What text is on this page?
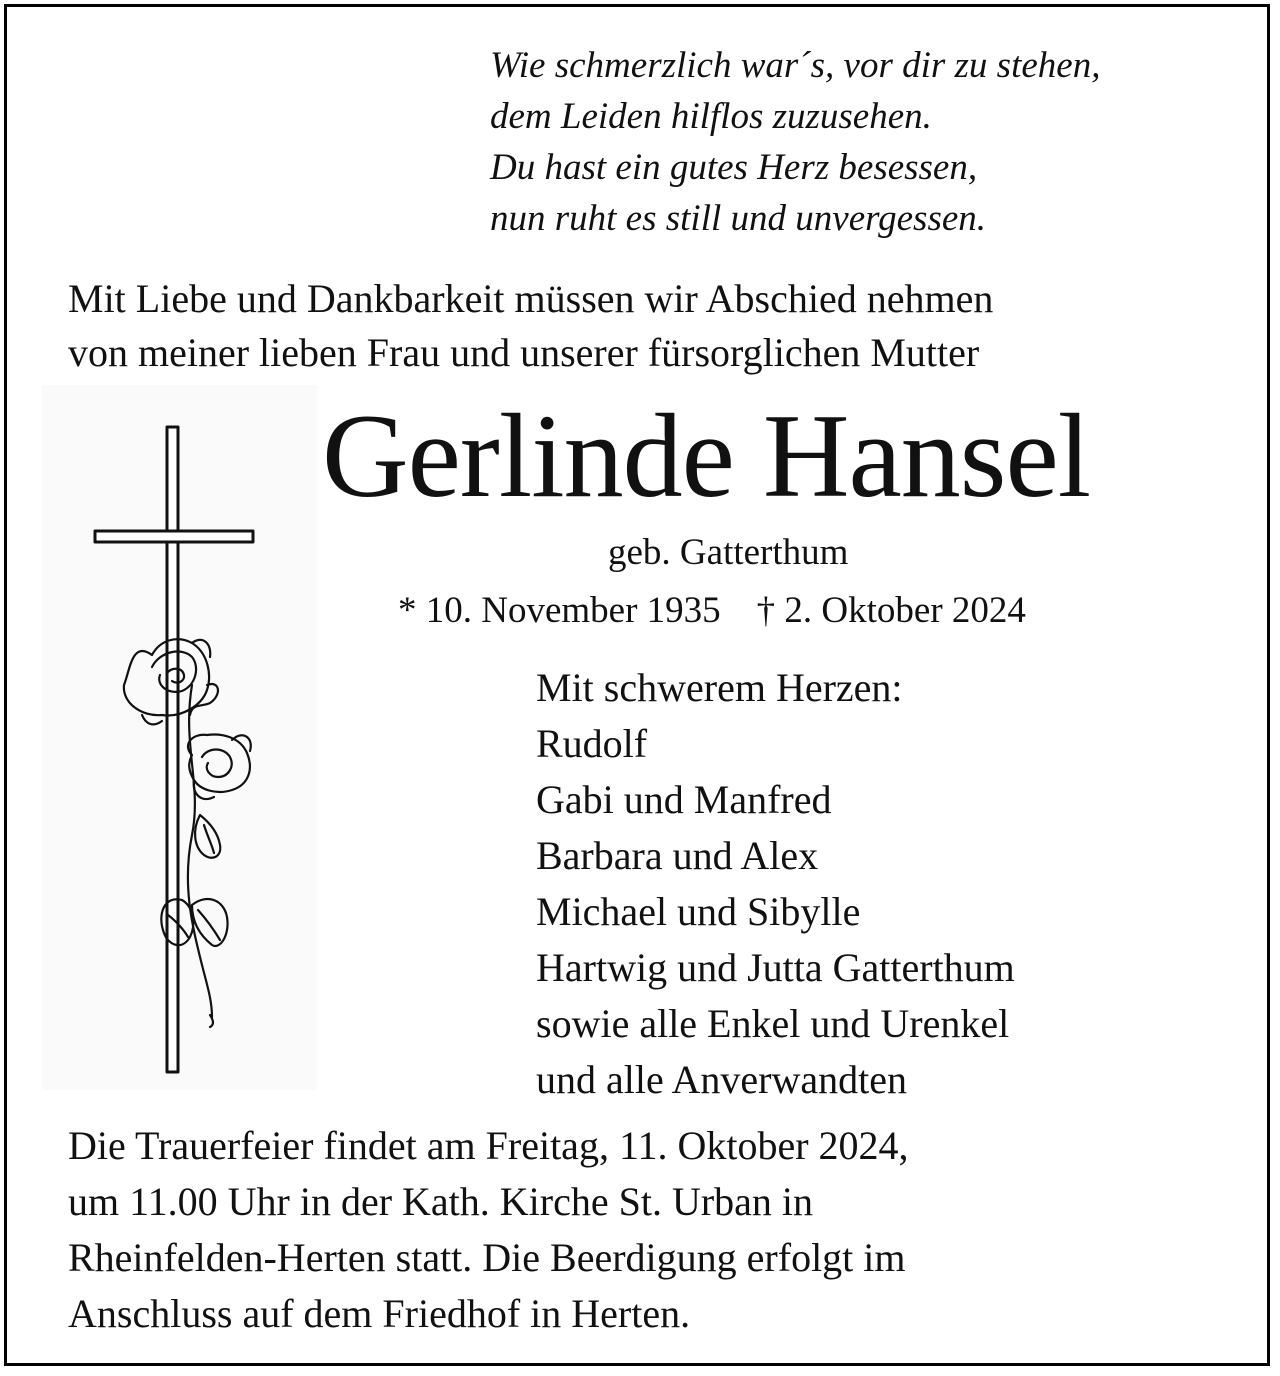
Wie schmerzlich war´s, vor dir zu stehen,
dem Leiden hilflos zuzusehen.
Du hast ein gutes Herz besessen,
nun ruht es still und unvergessen.
Mit Liebe und Dankbarkeit müssen wir Abschied nehmen
von meiner lieben Frau und unserer fürsorglichen Mutter
Gerlinde Hansel
geb. Gatterthum
* 10. November 1935 † 2. Oktober 2024
Mit schwerem Herzen:
Rudolf
Gabi und Manfred
Barbara und Alex
Michael und Sibylle
Hartwig und Jutta Gatterthum
sowie alle Enkel und Urenkel
und alle Anverwandten
Die Trauerfeier findet am Freitag, 11. Oktober 2024,
um 11.00 Uhr in der Kath. Kirche St. Urban in
Rheinfelden-Herten statt. Die Beerdigung erfolgt im
Anschluss auf dem Friedhof in Herten.
